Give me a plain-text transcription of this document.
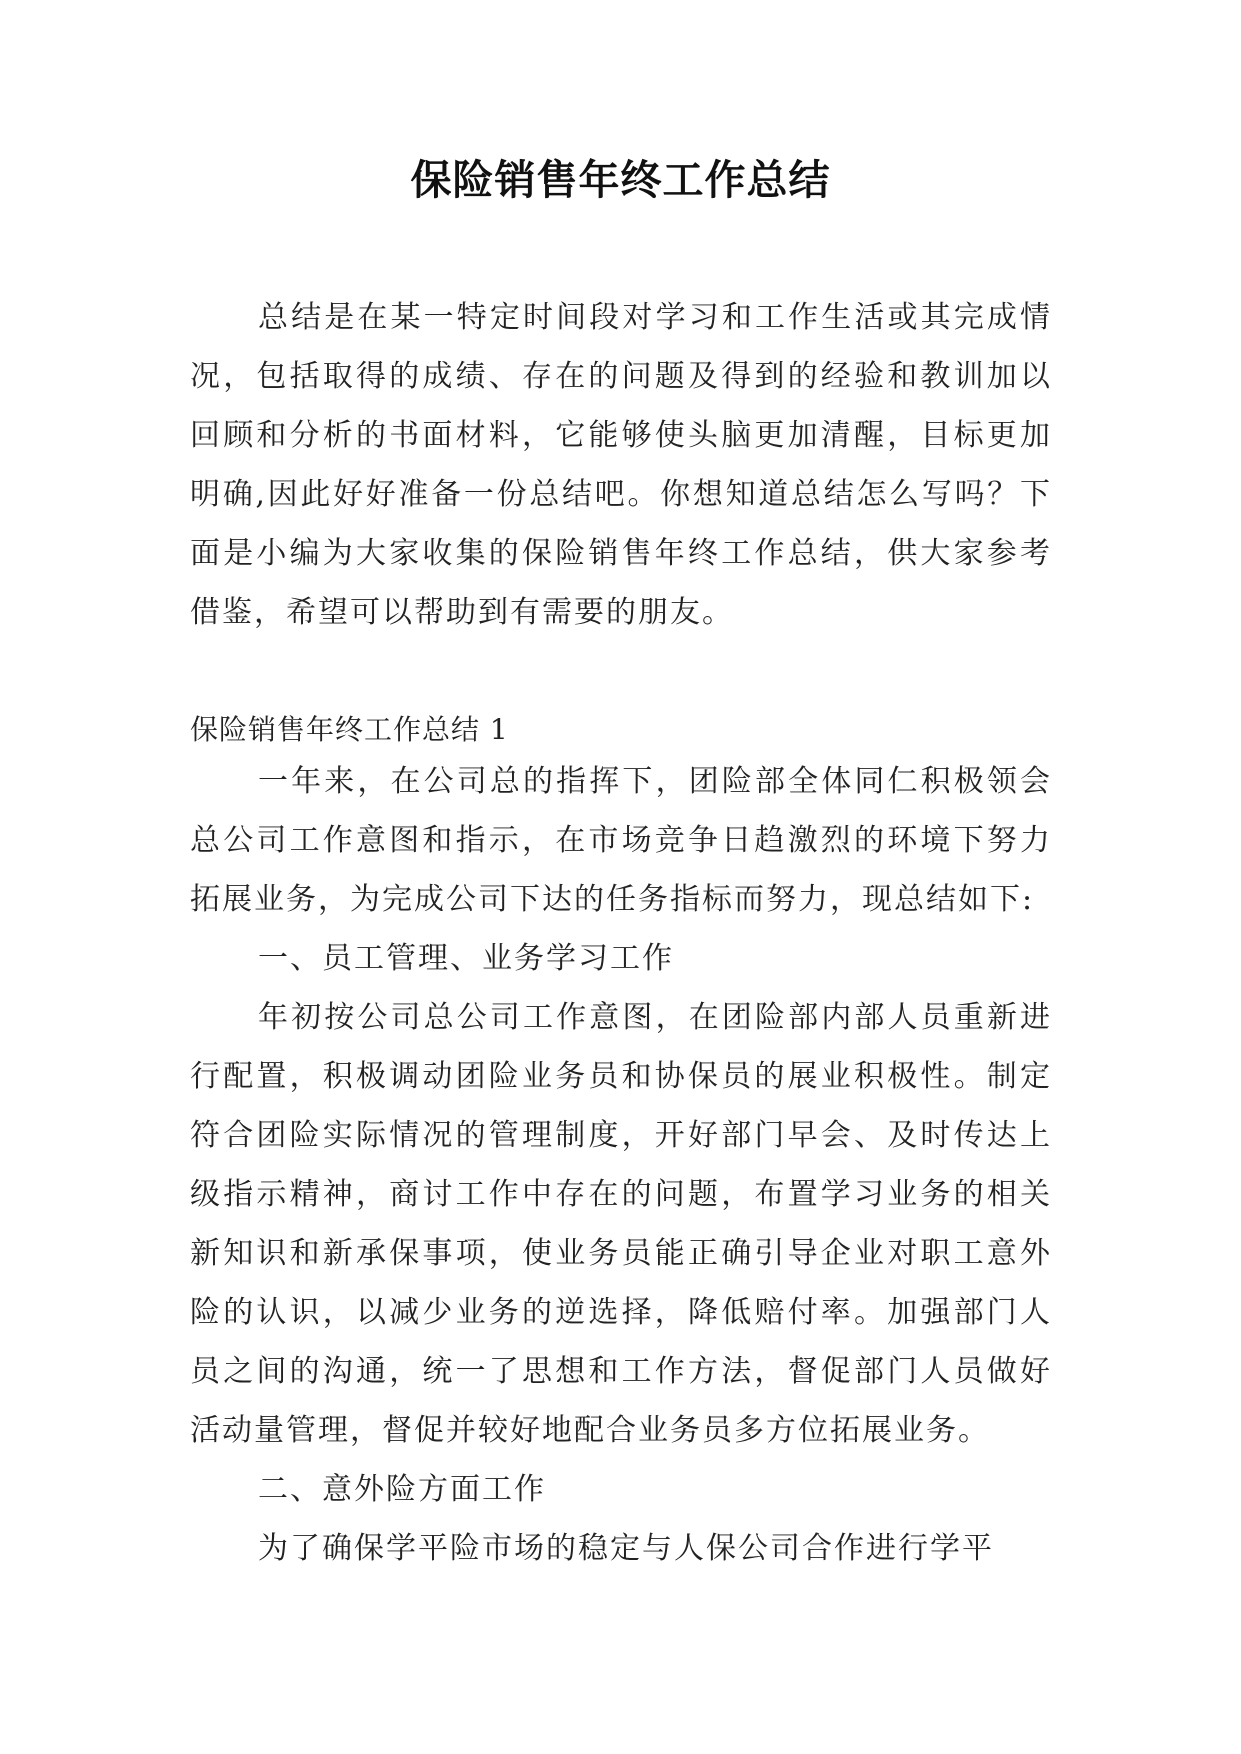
保险销售年终工作总结

总结是在某一特定时间段对学习和工作生活或其完成情况，包括取得的成绩、存在的问题及得到的经验和教训加以回顾和分析的书面材料，它能够使头脑更加清醒，目标更加明确,因此好好准备一份总结吧。你想知道总结怎么写吗？下面是小编为大家收集的保险销售年终工作总结，供大家参考借鉴，希望可以帮助到有需要的朋友。

保险销售年终工作总结 1

一年来，在公司总的指挥下，团险部全体同仁积极领会总公司工作意图和指示，在市场竞争日趋激烈的环境下努力拓展业务，为完成公司下达的任务指标而努力，现总结如下:

一、员工管理、业务学习工作

年初按公司总公司工作意图，在团险部内部人员重新进行配置，积极调动团险业务员和协保员的展业积极性。制定符合团险实际情况的管理制度，开好部门早会、及时传达上级指示精神，商讨工作中存在的问题，布置学习业务的相关新知识和新承保事项，使业务员能正确引导企业对职工意外险的认识，以减少业务的逆选择，降低赔付率。加强部门人员之间的沟通，统一了思想和工作方法，督促部门人员做好活动量管理，督促并较好地配合业务员多方位拓展业务。

二、意外险方面工作

为了确保学平险市场的稳定与人保公司合作进行学平
